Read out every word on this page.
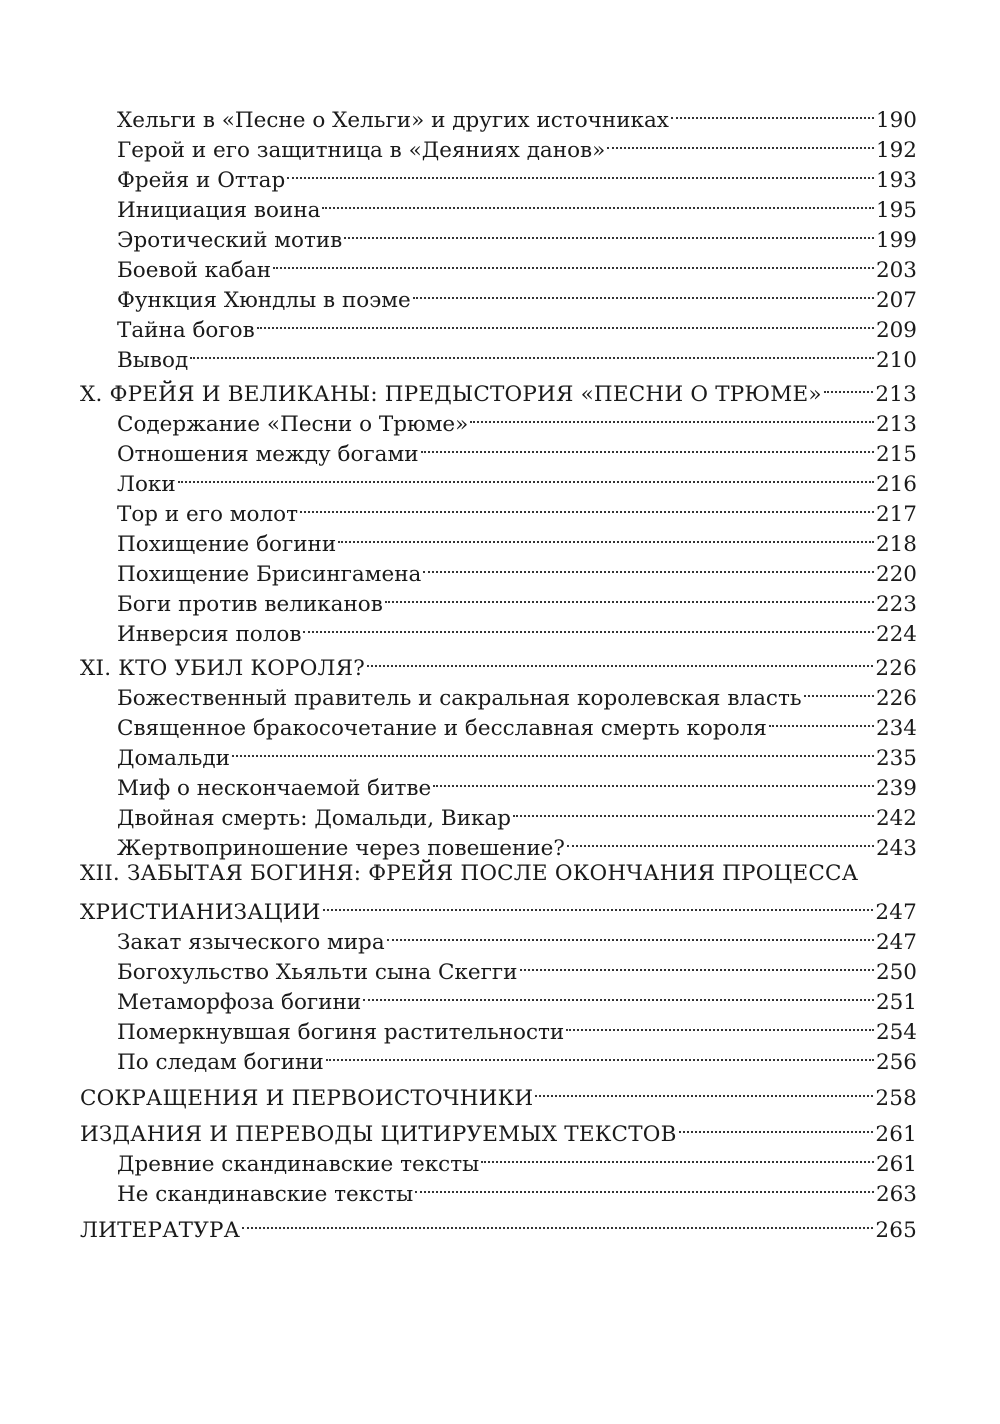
Хельги в «Песне о Хельги» и других источниках	190
Герой и его защитница в «Деяниях данов»	192
Фрейя и Оттар	193
Инициация воина	195
Эротический мотив	199
Боевой кабан	203
Функция Хюндлы в поэме	207
Тайна богов	209
Вывод	210
X. ФРЕЙЯ И ВЕЛИКАНЫ: ПРЕДЫСТОРИЯ «ПЕСНИ О ТРЮМЕ» 213
Содержание «Песни о Трюме»	213
Отношения между богами	215
Локи	216
Тор и его молот	217
Похищение богини	218
Похищение Брисингамена	220
Боги против великанов	223
Инверсия полов	224
XI. КТО УБИЛ КОРОЛЯ?	226
Божественный правитель и сакральная королевская власть	226
Священное бракосочетание и бесславная смерть короля	234
Домальди	235
Миф о нескончаемой битве	239
Двойная смерть: Домальди, Викар	242
Жертвоприношение через повешение?	243
XII. ЗАБЫТАЯ БОГИНЯ: ФРЕЙЯ ПОСЛЕ ОКОНЧАНИЯ ПРОЦЕССА
ХРИСТИАНИЗАЦИИ	247
Закат языческого мира	247
Богохульство Хьяльти сына Скегги	250
Метаморфоза богини	251
Померкнувшая богиня растительности	254
По следам богини	256
СОКРАЩЕНИЯ И ПЕРВОИСТОЧНИКИ	258
ИЗДАНИЯ И ПЕРЕВОДЫ ЦИТИРУЕМЫХ ТЕКСТОВ	261
Древние скандинавские тексты	261
Не скандинавские тексты	263
ЛИТЕРАТУРА	265
